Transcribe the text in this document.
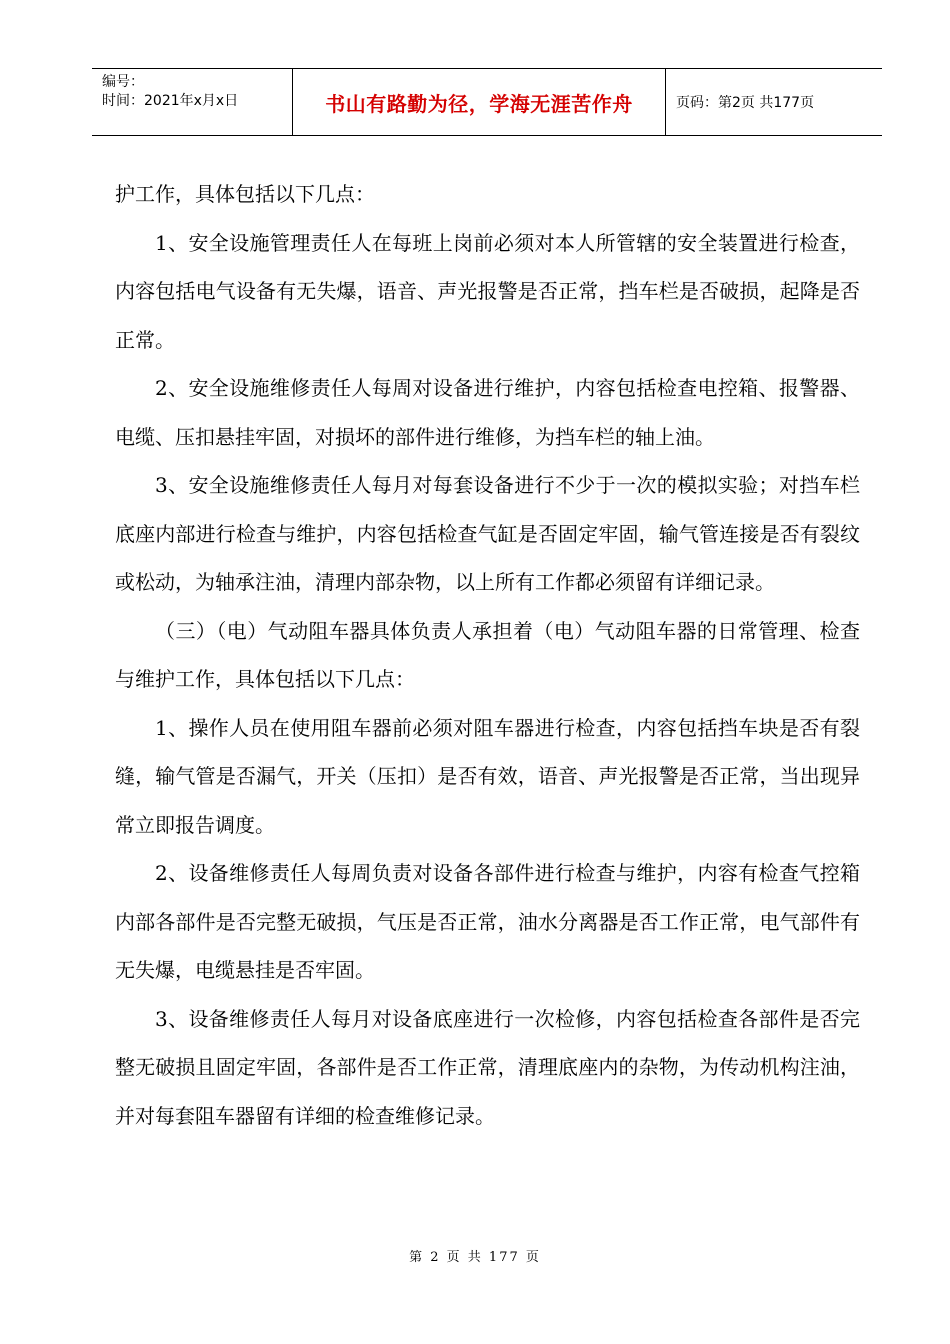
编号：
时间：2021年x月x日	书山有路勤为径，学海无涯苦作舟	页码：第2页 共177页

护工作，具体包括以下几点：

1、安全设施管理责任人在每班上岗前必须对本人所管辖的安全装置进行检查，内容包括电气设备有无失爆，语音、声光报警是否正常，挡车栏是否破损，起降是否正常。

2、安全设施维修责任人每周对设备进行维护，内容包括检查电控箱、报警器、电缆、压扣悬挂牢固，对损坏的部件进行维修，为挡车栏的轴上油。

3、安全设施维修责任人每月对每套设备进行不少于一次的模拟实验；对挡车栏底座内部进行检查与维护，内容包括检查气缸是否固定牢固，输气管连接是否有裂纹或松动，为轴承注油，清理内部杂物，以上所有工作都必须留有详细记录。

（三）（电）气动阻车器具体负责人承担着（电）气动阻车器的日常管理、检查与维护工作，具体包括以下几点：

1、操作人员在使用阻车器前必须对阻车器进行检查，内容包括挡车块是否有裂缝，输气管是否漏气，开关（压扣）是否有效，语音、声光报警是否正常，当出现异常立即报告调度。

2、设备维修责任人每周负责对设备各部件进行检查与维护，内容有检查气控箱内部各部件是否完整无破损，气压是否正常，油水分离器是否工作正常，电气部件有无失爆，电缆悬挂是否牢固。

3、设备维修责任人每月对设备底座进行一次检修，内容包括检查各部件是否完整无破损且固定牢固，各部件是否工作正常，清理底座内的杂物，为传动机构注油，并对每套阻车器留有详细的检查维修记录。

第 2 页 共 177 页
